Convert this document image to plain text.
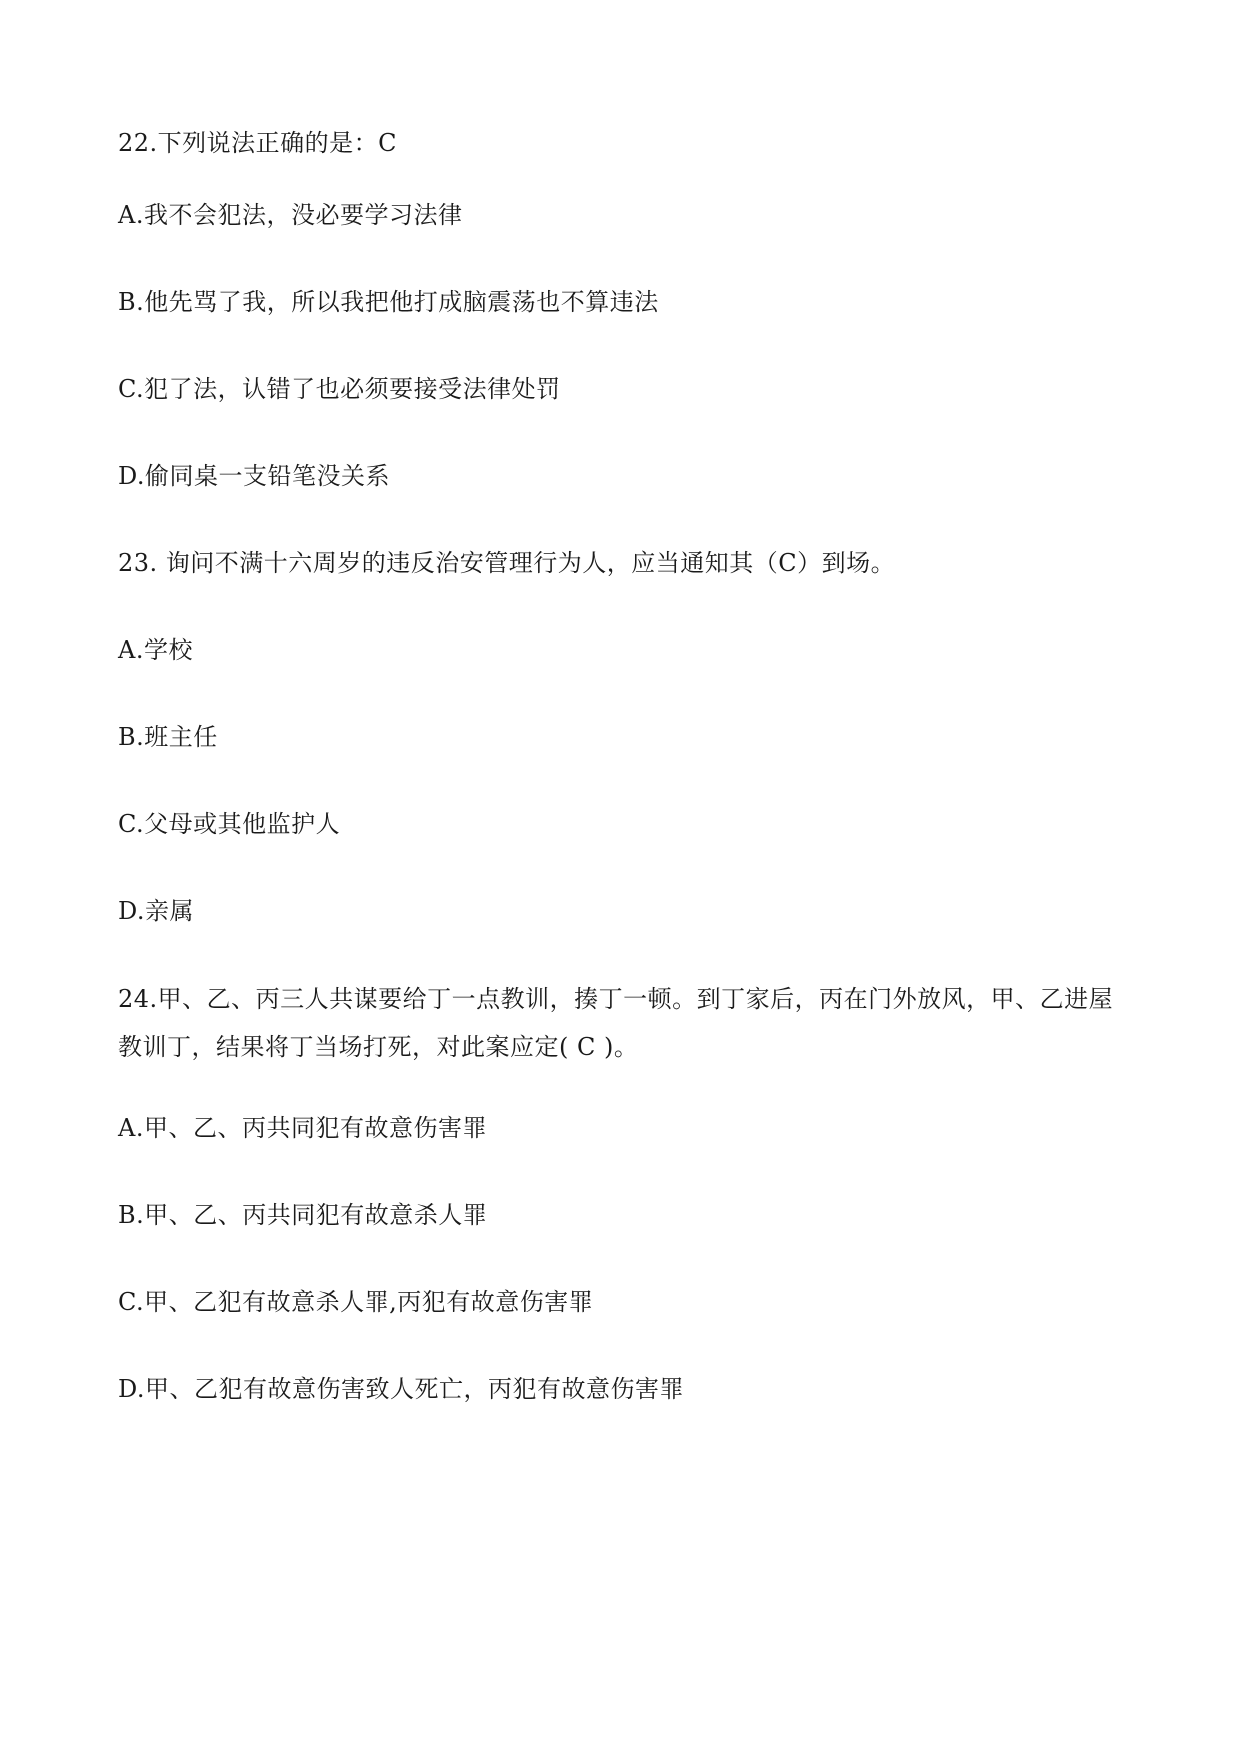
22.下列说法正确的是：C
A.我不会犯法，没必要学习法律
B.他先骂了我，所以我把他打成脑震荡也不算违法
C.犯了法，认错了也必须要接受法律处罚
D.偷同桌一支铅笔没关系
23. 询问不满十六周岁的违反治安管理行为人，应当通知其（C）到场。
A.学校
B.班主任
C.父母或其他监护人
D.亲属
24.甲、乙、丙三人共谋要给丁一点教训，揍丁一顿。到丁家后，丙在门外放风，甲、乙进屋
教训丁，结果将丁当场打死，对此案应定( C )。
A.甲、乙、丙共同犯有故意伤害罪
B.甲、乙、丙共同犯有故意杀人罪
C.甲、乙犯有故意杀人罪,丙犯有故意伤害罪
D.甲、乙犯有故意伤害致人死亡，丙犯有故意伤害罪
